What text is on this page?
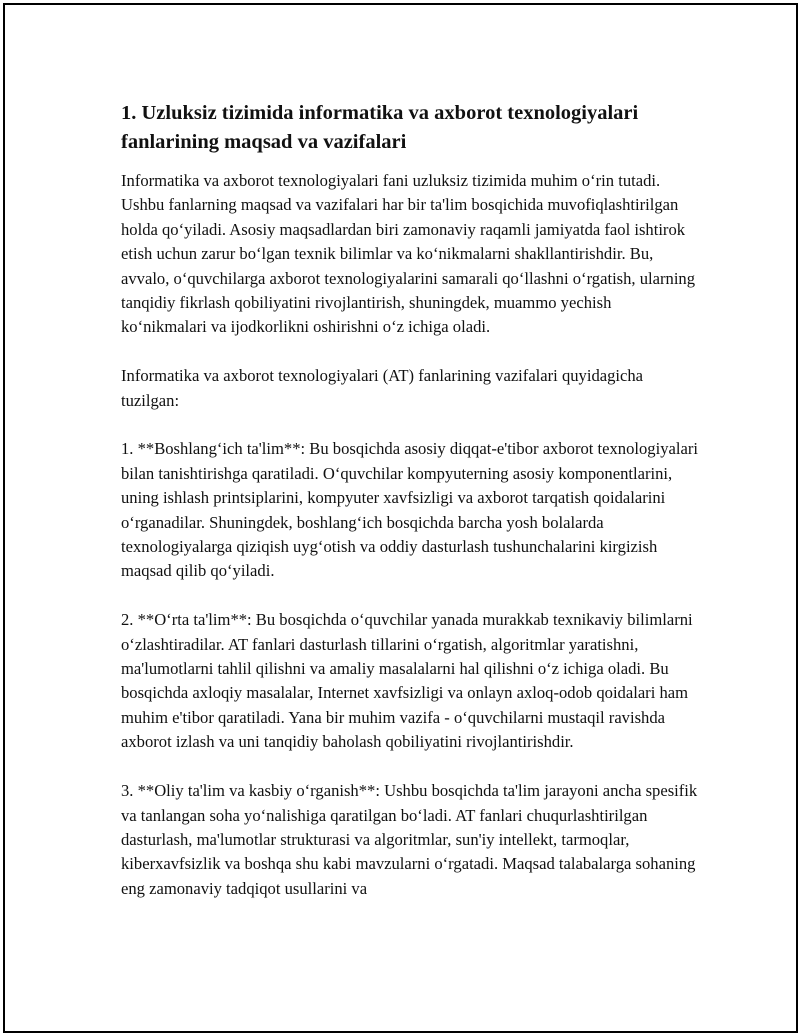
1. Uzluksiz tizimida informatika va axborot texnologiyalari fanlarining maqsad va vazifalari

Informatika va axborot texnologiyalari fani uzluksiz tizimida muhim oʻrin tutadi. Ushbu fanlarning maqsad va vazifalari har bir ta'lim bosqichida muvofiqlashtirilgan holda qoʻyiladi. Asosiy maqsadlardan biri zamonaviy raqamli jamiyatda faol ishtirok etish uchun zarur boʻlgan texnik bilimlar va koʻnikmalarni shakllantirishdir. Bu, avvalo, oʻquvchilarga axborot texnologiyalarini samarali qoʻllashni oʻrgatish, ularning tanqidiy fikrlash qobiliyatini rivojlantirish, shuningdek, muammo yechish koʻnikmalari va ijodkorlikni oshirishni oʻz ichiga oladi.

Informatika va axborot texnologiyalari (AT) fanlarining vazifalari quyidagicha tuzilgan:

1. **Boshlangʻich ta'lim**: Bu bosqichda asosiy diqqat-e'tibor axborot texnologiyalari bilan tanishtirishga qaratiladi. Oʻquvchilar kompyuterning asosiy komponentlarini, uning ishlash printsiplarini, kompyuter xavfsizligi va axborot tarqatish qoidalarini oʻrganadilar. Shuningdek, boshlangʻich bosqichda barcha yosh bolalarda texnologiyalarga qiziqish uygʻotish va oddiy dasturlash tushunchalarini kirgizish maqsad qilib qoʻyiladi.

2. **Oʻrta ta'lim**: Bu bosqichda oʻquvchilar yanada murakkab texnikaviy bilimlarni oʻzlashtiradilar. AT fanlari dasturlash tillarini oʻrgatish, algoritmlar yaratishni, ma'lumotlarni tahlil qilishni va amaliy masalalarni hal qilishni oʻz ichiga oladi. Bu bosqichda axloqiy masalalar, Internet xavfsizligi va onlayn axloq-odob qoidalari ham muhim e'tibor qaratiladi. Yana bir muhim vazifa - oʻquvchilarni mustaqil ravishda axborot izlash va uni tanqidiy baholash qobiliyatini rivojlantirishdir.

3. **Oliy ta'lim va kasbiy oʻrganish**: Ushbu bosqichda ta'lim jarayoni ancha spesifik va tanlangan soha yoʻnalishiga qaratilgan boʻladi. AT fanlari chuqurlashtirilgan dasturlash, ma'lumotlar strukturasi va algoritmlar, sun'iy intellekt, tarmoqlar, kiberxavfsizlik va boshqa shu kabi mavzularni oʻrgatadi. Maqsad talabalarga sohaning eng zamonaviy tadqiqot usullarini va
